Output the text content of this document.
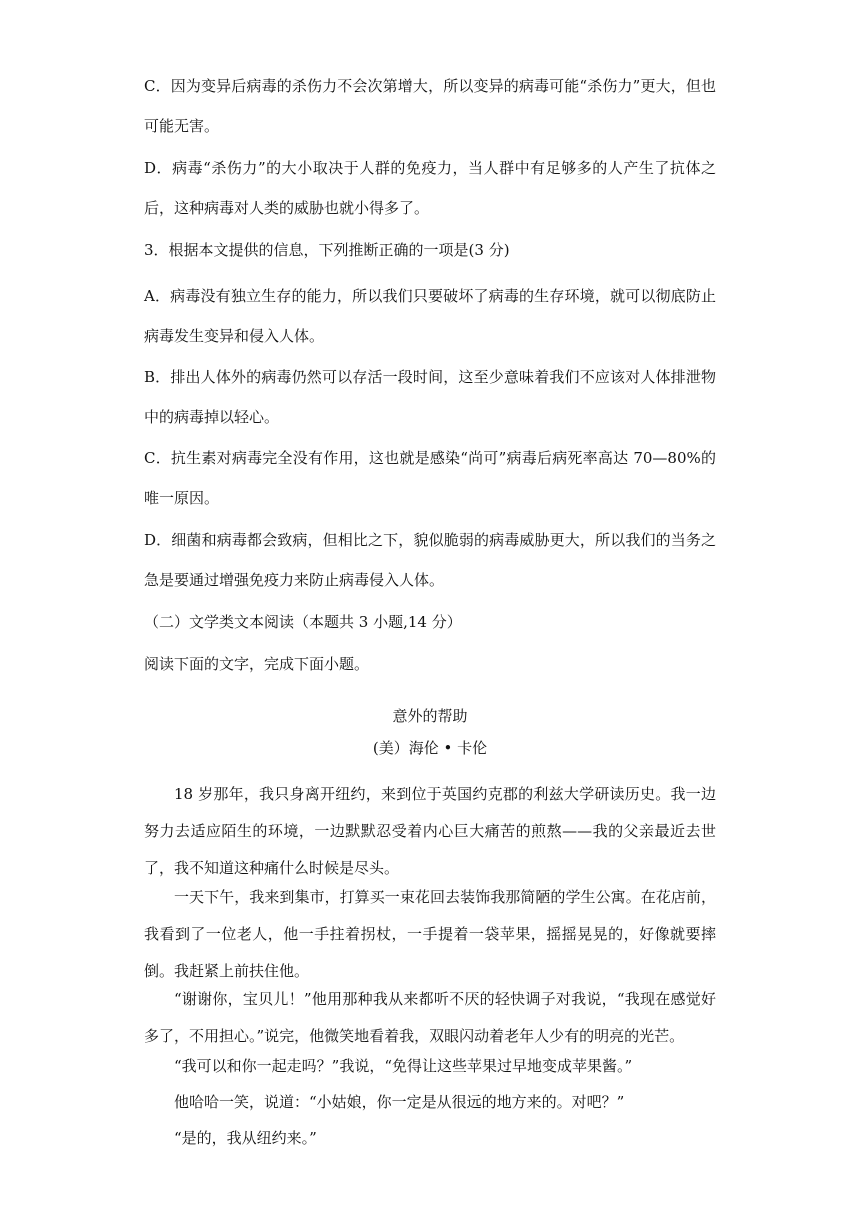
C．因为变异后病毒的杀伤力不会次第增大，所以变异的病毒可能“杀伤力”更大，但也可能无害。

D．病毒“杀伤力”的大小取决于人群的免疫力，当人群中有足够多的人产生了抗体之后，这种病毒对人类的威胁也就小得多了。

3．根据本文提供的信息，下列推断正确的一项是(3 分)

A．病毒没有独立生存的能力，所以我们只要破坏了病毒的生存环境，就可以彻底防止病毒发生变异和侵入人体。

B．排出人体外的病毒仍然可以存活一段时间，这至少意味着我们不应该对人体排泄物中的病毒掉以轻心。

C．抗生素对病毒完全没有作用，这也就是感染“尚可”病毒后病死率高达 70—80%的唯一原因。

D．细菌和病毒都会致病，但相比之下，貌似脆弱的病毒威胁更大，所以我们的当务之急是要通过增强免疫力来防止病毒侵入人体。

（二）文学类文本阅读（本题共 3 小题,14 分）

阅读下面的文字，完成下面小题。

意外的帮助

(美）海伦 • 卡伦

18 岁那年，我只身离开纽约，来到位于英国约克郡的利兹大学研读历史。我一边努力去适应陌生的环境，一边默默忍受着内心巨大痛苦的煎熬——我的父亲最近去世了，我不知道这种痛什么时候是尽头。

一天下午，我来到集市，打算买一束花回去装饰我那简陋的学生公寓。在花店前，我看到了一位老人，他一手拄着拐杖，一手提着一袋苹果，摇摇晃晃的，好像就要摔倒。我赶紧上前扶住他。

“谢谢你，宝贝儿！”他用那种我从来都听不厌的轻快调子对我说，“我现在感觉好多了，不用担心。”说完，他微笑地看着我，双眼闪动着老年人少有的明亮的光芒。

“我可以和你一起走吗？”我说，“免得让这些苹果过早地变成苹果酱。”

他哈哈一笑，说道：“小姑娘，你一定是从很远的地方来的。对吧？”

“是的，我从纽约来。”
